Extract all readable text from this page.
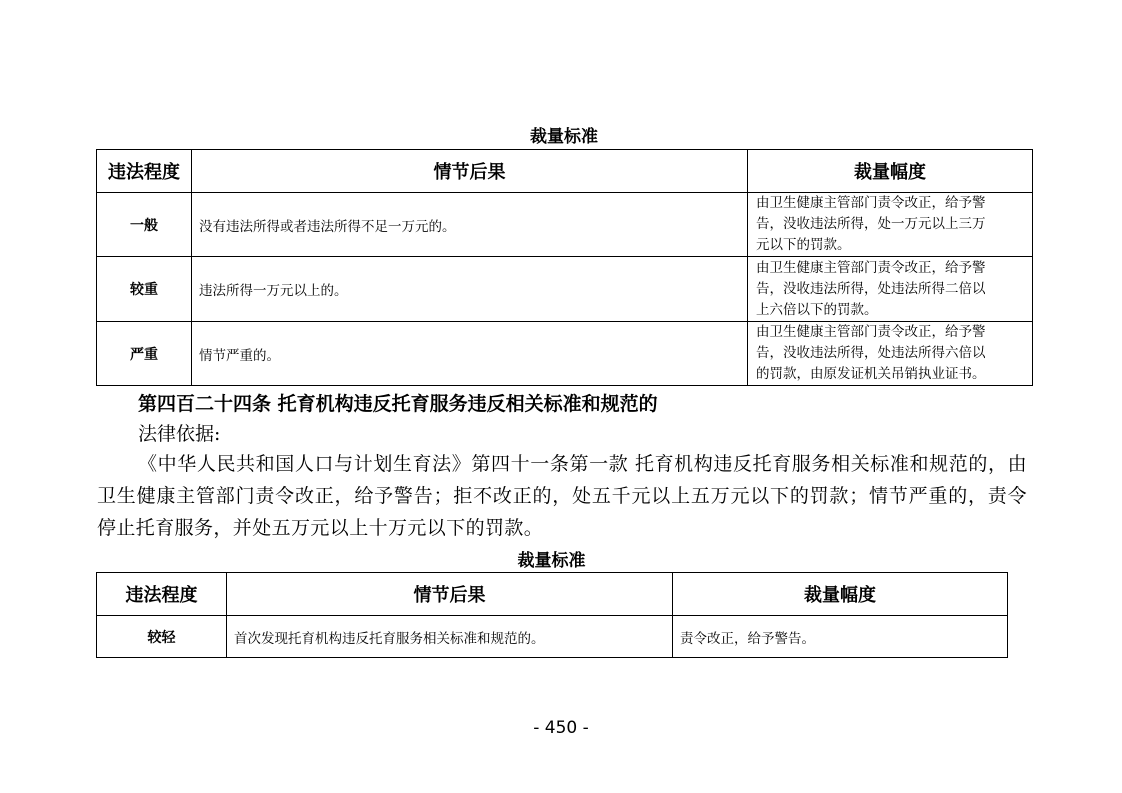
裁量标准
违法程度	情节后果	裁量幅度
一般	没有违法所得或者违法所得不足一万元的。	由卫生健康主管部门责令改正，给予警
告，没收违法所得，处一万元以上三万
元以下的罚款。

较重	违法所得一万元以上的。	由卫生健康主管部门责令改正，给予警
告，没收违法所得，处违法所得二倍以
上六倍以下的罚款。

严重	情节严重的。	由卫生健康主管部门责令改正，给予警
告，没收违法所得，处违法所得六倍以
的罚款，由原发证机关吊销执业证书。
第四百二十四条 托育机构违反托育服务违反相关标准和规范的
法律依据:
《中华人民共和国人口与计划生育法》第四十一条第一款 托育机构违反托育服务相关标准和规范的，由卫生健康主管部门责令改正，给予警告；拒不改正的，处五千元以上五万元以下的罚款；情节严重的，责令停止托育服务，并处五万元以上十万元以下的罚款。
裁量标准
违法程度	情节后果	裁量幅度
较轻	首次发现托育机构违反托育服务相关标准和规范的。	责令改正，给予警告。
- 450 -
